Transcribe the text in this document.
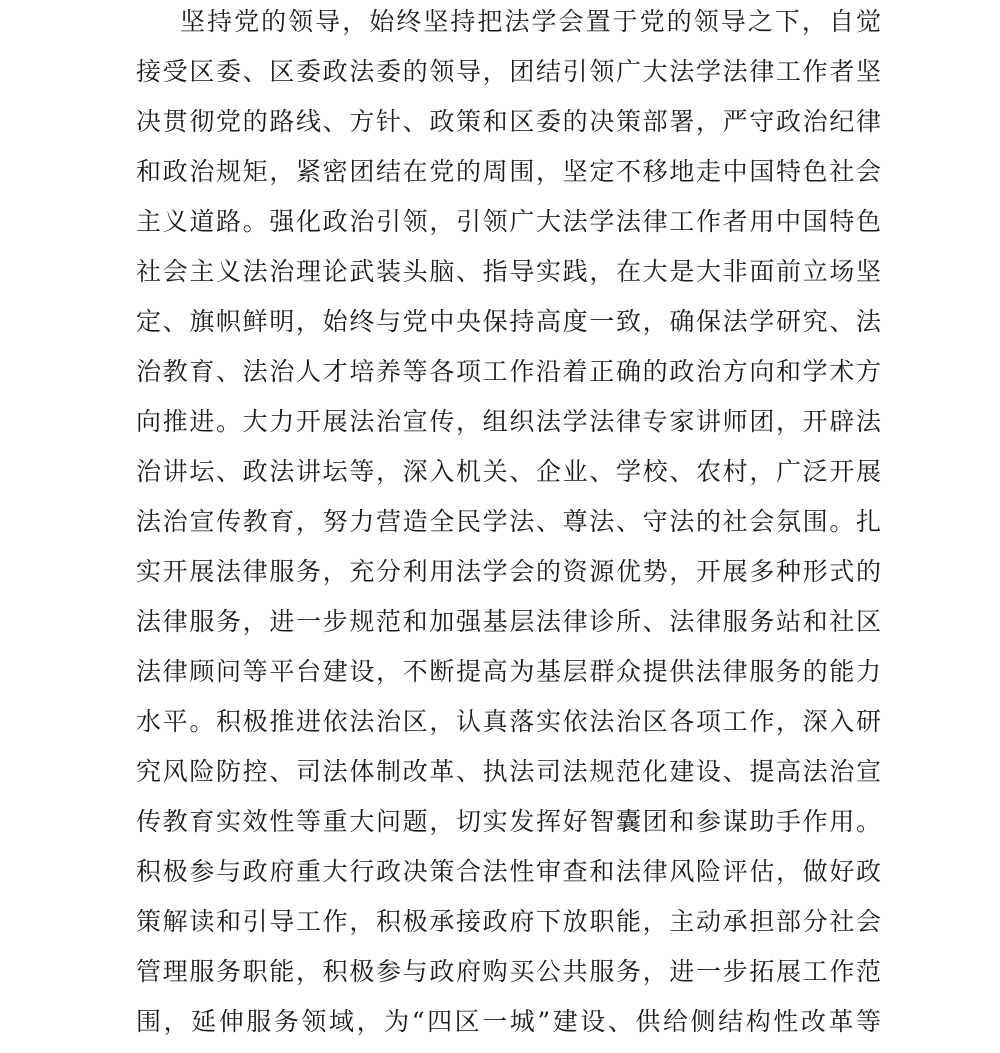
坚持党的领导，始终坚持把法学会置于党的领导之下，自觉
接受区委、区委政法委的领导，团结引领广大法学法律工作者坚
决贯彻党的路线、方针、政策和区委的决策部署，严守政治纪律
和政治规矩，紧密团结在党的周围，坚定不移地走中国特色社会
主义道路。强化政治引领，引领广大法学法律工作者用中国特色
社会主义法治理论武装头脑、指导实践，在大是大非面前立场坚
定、旗帜鲜明，始终与党中央保持高度一致，确保法学研究、法
治教育、法治人才培养等各项工作沿着正确的政治方向和学术方
向推进。大力开展法治宣传，组织法学法律专家讲师团，开辟法
治讲坛、政法讲坛等，深入机关、企业、学校、农村，广泛开展
法治宣传教育，努力营造全民学法、尊法、守法的社会氛围。扎
实开展法律服务，充分利用法学会的资源优势，开展多种形式的
法律服务，进一步规范和加强基层法律诊所、法律服务站和社区
法律顾问等平台建设，不断提高为基层群众提供法律服务的能力
水平。积极推进依法治区，认真落实依法治区各项工作，深入研
究风险防控、司法体制改革、执法司法规范化建设、提高法治宣
传教育实效性等重大问题，切实发挥好智囊团和参谋助手作用。
积极参与政府重大行政决策合法性审查和法律风险评估，做好政
策解读和引导工作，积极承接政府下放职能，主动承担部分社会
管理服务职能，积极参与政府购买公共服务，进一步拓展工作范
围，延伸服务领域，为“四区一城”建设、供给侧结构性改革等
